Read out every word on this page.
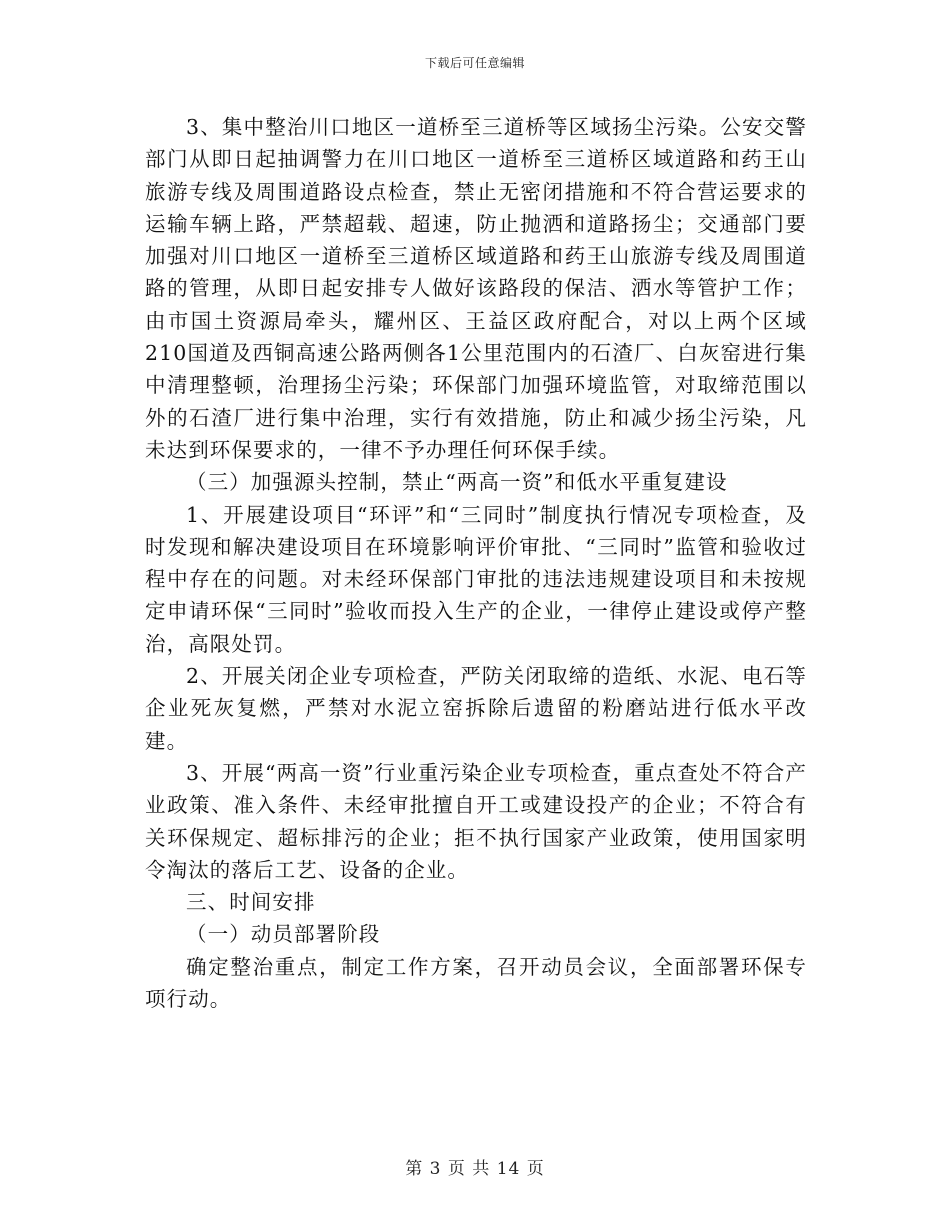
下载后可任意编辑

3、集中整治川口地区一道桥至三道桥等区域扬尘污染。公安交警部门从即日起抽调警力在川口地区一道桥至三道桥区域道路和药王山旅游专线及周围道路设点检查，禁止无密闭措施和不符合营运要求的运输车辆上路，严禁超载、超速，防止抛洒和道路扬尘；交通部门要加强对川口地区一道桥至三道桥区域道路和药王山旅游专线及周围道路的管理，从即日起安排专人做好该路段的保洁、洒水等管护工作；由市国土资源局牵头，耀州区、王益区政府配合，对以上两个区域210国道及西铜高速公路两侧各1公里范围内的石渣厂、白灰窑进行集中清理整顿，治理扬尘污染；环保部门加强环境监管，对取缔范围以外的石渣厂进行集中治理，实行有效措施，防止和减少扬尘污染，凡未达到环保要求的，一律不予办理任何环保手续。

（三）加强源头控制，禁止“两高一资”和低水平重复建设

1、开展建设项目“环评”和“三同时”制度执行情况专项检查，及时发现和解决建设项目在环境影响评价审批、“三同时”监管和验收过程中存在的问题。对未经环保部门审批的违法违规建设项目和未按规定申请环保“三同时”验收而投入生产的企业，一律停止建设或停产整治，高限处罚。

2、开展关闭企业专项检查，严防关闭取缔的造纸、水泥、电石等企业死灰复燃，严禁对水泥立窑拆除后遗留的粉磨站进行低水平改建。

3、开展“两高一资”行业重污染企业专项检查，重点查处不符合产业政策、准入条件、未经审批擅自开工或建设投产的企业；不符合有关环保规定、超标排污的企业；拒不执行国家产业政策，使用国家明令淘汰的落后工艺、设备的企业。

三、时间安排

（一）动员部署阶段

确定整治重点，制定工作方案，召开动员会议，全面部署环保专项行动。

第 3 页 共 14 页
